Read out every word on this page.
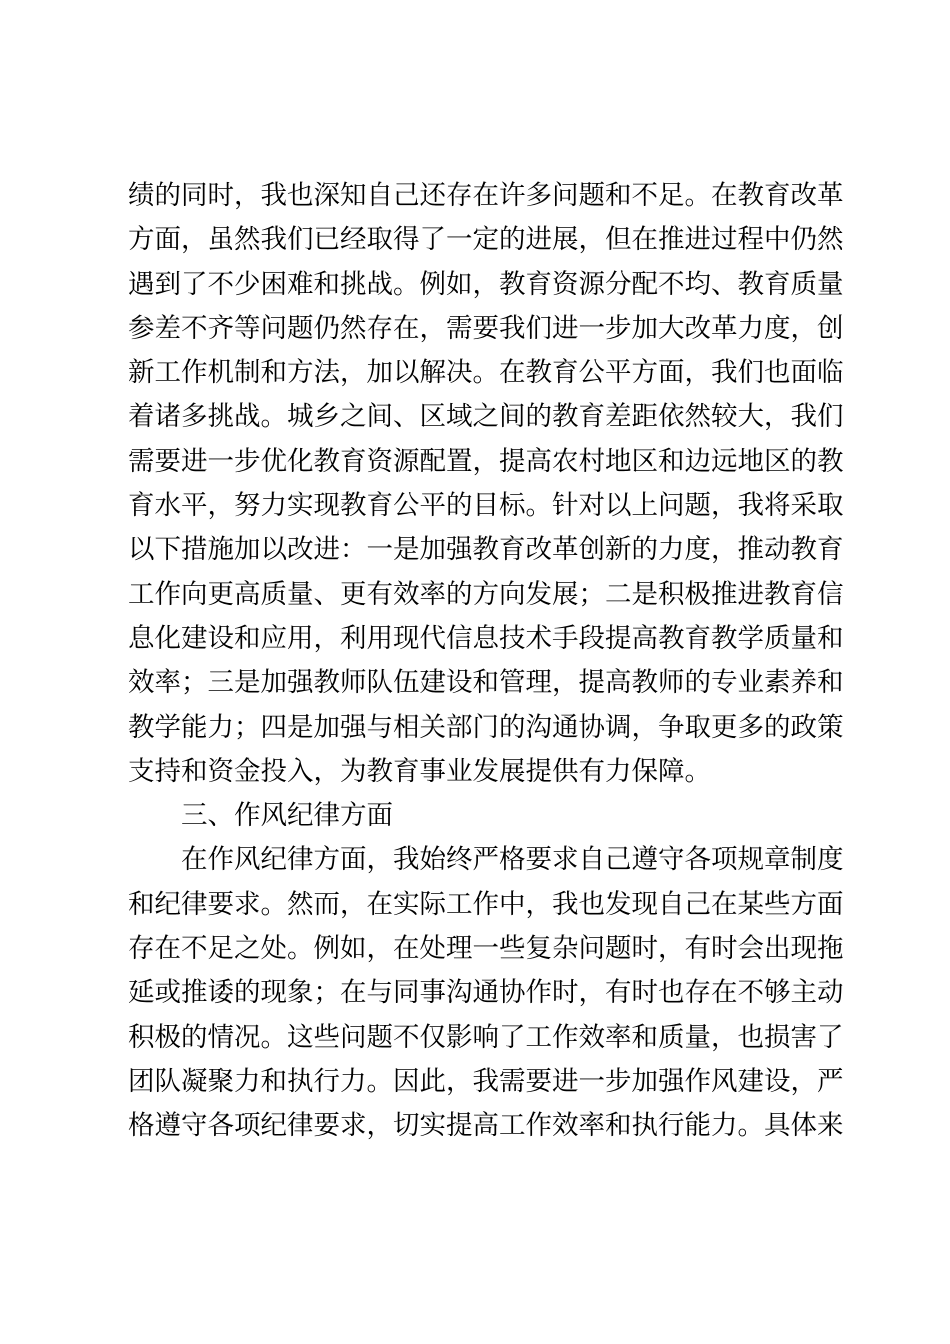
绩的同时，我也深知自己还存在许多问题和不足。在教育改革
方面，虽然我们已经取得了一定的进展，但在推进过程中仍然
遇到了不少困难和挑战。例如，教育资源分配不均、教育质量
参差不齐等问题仍然存在，需要我们进一步加大改革力度，创
新工作机制和方法，加以解决。在教育公平方面，我们也面临
着诸多挑战。城乡之间、区域之间的教育差距依然较大，我们
需要进一步优化教育资源配置，提高农村地区和边远地区的教
育水平，努力实现教育公平的目标。针对以上问题，我将采取
以下措施加以改进：一是加强教育改革创新的力度，推动教育
工作向更高质量、更有效率的方向发展；二是积极推进教育信
息化建设和应用，利用现代信息技术手段提高教育教学质量和
效率；三是加强教师队伍建设和管理，提高教师的专业素养和
教学能力；四是加强与相关部门的沟通协调，争取更多的政策
支持和资金投入，为教育事业发展提供有力保障。
三、作风纪律方面
在作风纪律方面，我始终严格要求自己遵守各项规章制度
和纪律要求。然而，在实际工作中，我也发现自己在某些方面
存在不足之处。例如，在处理一些复杂问题时，有时会出现拖
延或推诿的现象；在与同事沟通协作时，有时也存在不够主动
积极的情况。这些问题不仅影响了工作效率和质量，也损害了
团队凝聚力和执行力。因此，我需要进一步加强作风建设，严
格遵守各项纪律要求，切实提高工作效率和执行能力。具体来
